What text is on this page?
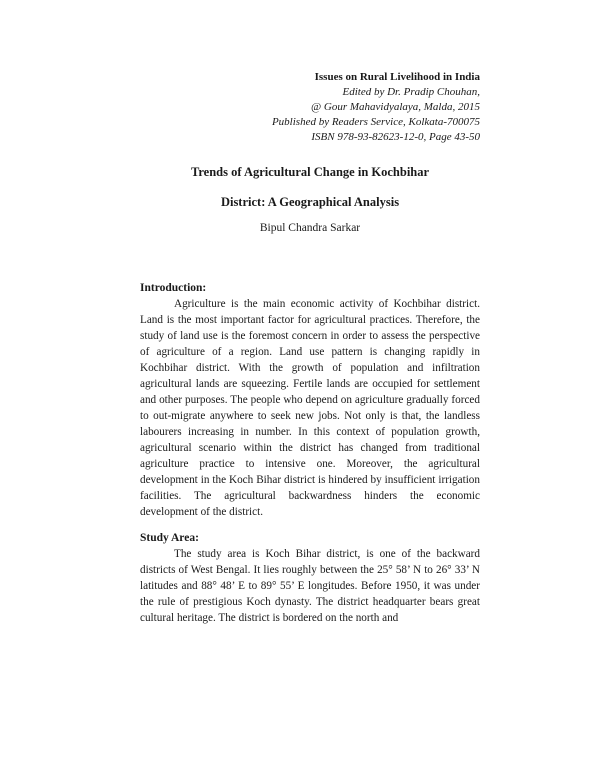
Issues on Rural Livelihood in India
Edited by Dr. Pradip Chouhan,
@ Gour Mahavidyalaya, Malda, 2015
Published by Readers Service, Kolkata-700075
ISBN 978-93-82623-12-0, Page 43-50
Trends of Agricultural Change in Kochbihar
District: A Geographical Analysis
Bipul Chandra Sarkar
Introduction:

Agriculture is the main economic activity of Kochbihar district. Land is the most important factor for agricultural practices. Therefore, the study of land use is the foremost concern in order to assess the perspective of agriculture of a region. Land use pattern is changing rapidly in Kochbihar district. With the growth of population and infiltration agricultural lands are squeezing. Fertile lands are occupied for settlement and other purposes. The people who depend on agriculture gradually forced to out-migrate anywhere to seek new jobs. Not only is that, the landless labourers increasing in number. In this context of population growth, agricultural scenario within the district has changed from traditional agriculture practice to intensive one. Moreover, the agricultural development in the Koch Bihar district is hindered by insufficient irrigation facilities. The agricultural backwardness hinders the economic development of the district.

Study Area:

The study area is Koch Bihar district, is one of the backward districts of West Bengal. It lies roughly between the 25° 58’ N to 26° 33’ N latitudes and 88° 48’ E to 89° 55’ E longitudes. Before 1950, it was under the rule of prestigious Koch dynasty. The district headquarter bears great cultural heritage. The district is bordered on the north and
